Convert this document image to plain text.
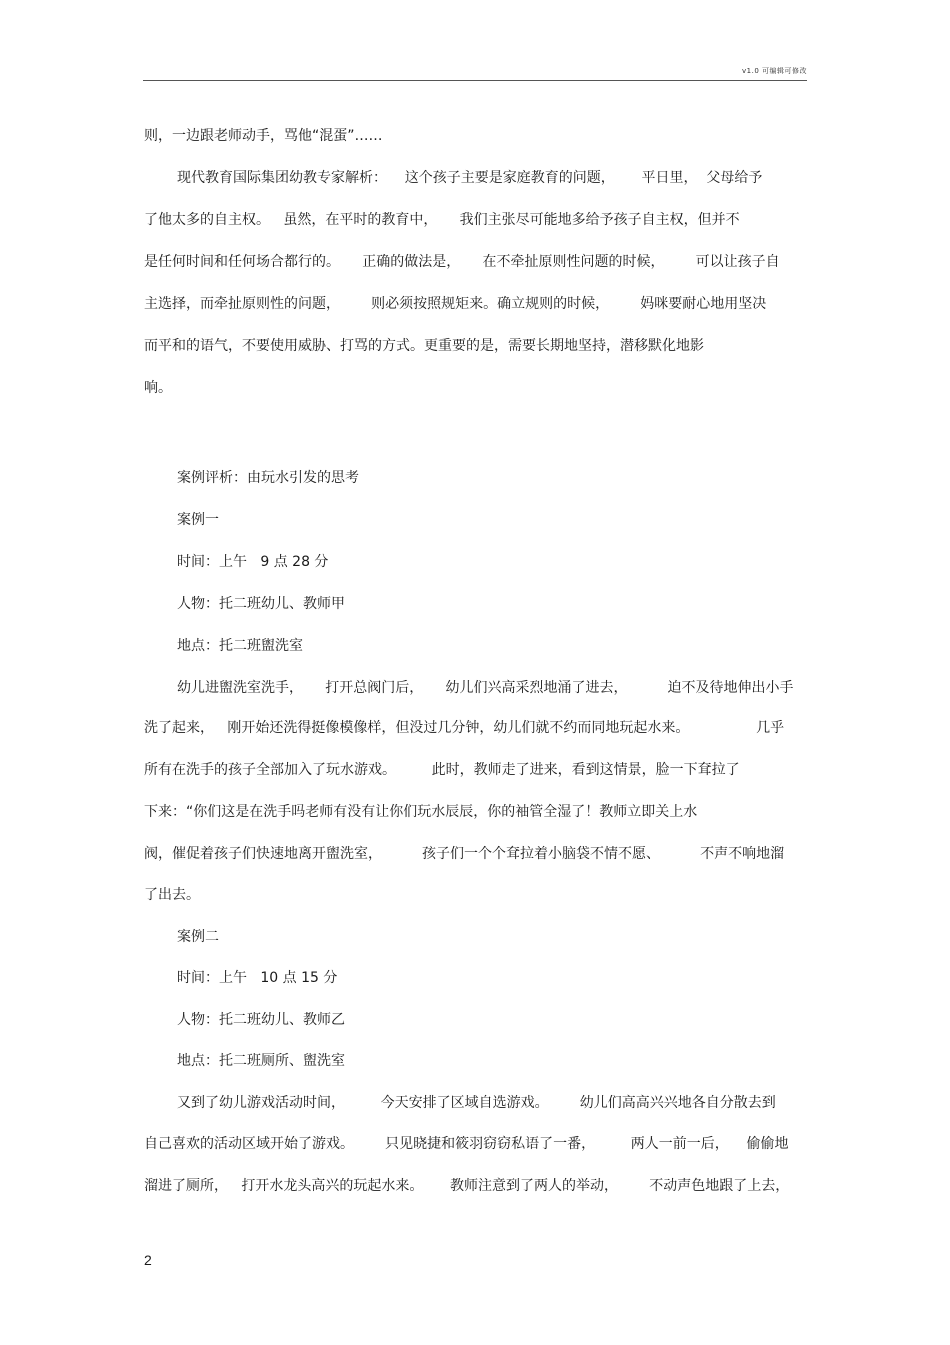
v1.0 可编辑可修改
则，一边跟老师动手，骂他“混蛋”……
现代教育国际集团幼教专家解析：    这个孩子主要是家庭教育的问题，      平日里，  父母给予
了他太多的自主权。   虽然，在平时的教育中，     我们主张尽可能地多给予孩子自主权，但并不
是任何时间和任何场合都行的。     正确的做法是，     在不牵扯原则性问题的时候，       可以让孩子自
主选择，而牵扯原则性的问题，       则必须按照规矩来。确立规则的时候，       妈咪要耐心地用坚决
而平和的语气，不要使用威胁、打骂的方式。更重要的是，需要长期地坚持，潜移默化地影
响。
案例评析：由玩水引发的思考
案例一
时间：上午   9 点 28 分
人物：托二班幼儿、教师甲
地点：托二班盥洗室
幼儿进盥洗室洗手，     打开总阀门后，     幼儿们兴高采烈地涌了进去，         迫不及待地伸出小手
洗了起来，   刚开始还洗得挺像模像样，但没过几分钟，幼儿们就不约而同地玩起水来。               几乎
所有在洗手的孩子全部加入了玩水游戏。        此时，教师走了进来，看到这情景，脸一下耷拉了
下来：“你们这是在洗手吗老师有没有让你们玩水辰辰，你的袖管全湿了！教师立即关上水
阀，催促着孩子们快速地离开盥洗室，         孩子们一个个耷拉着小脑袋不情不愿、         不声不响地溜
了出去。
案例二
时间：上午   10 点 15 分
人物：托二班幼儿、教师乙
地点：托二班厕所、盥洗室
又到了幼儿游戏活动时间，        今天安排了区域自选游戏。       幼儿们高高兴兴地各自分散去到
自己喜欢的活动区域开始了游戏。       只见晓捷和筱羽窃窃私语了一番，        两人一前一后，    偷偷地
溜进了厕所，   打开水龙头高兴的玩起水来。      教师注意到了两人的举动，       不动声色地跟了上去，
2
